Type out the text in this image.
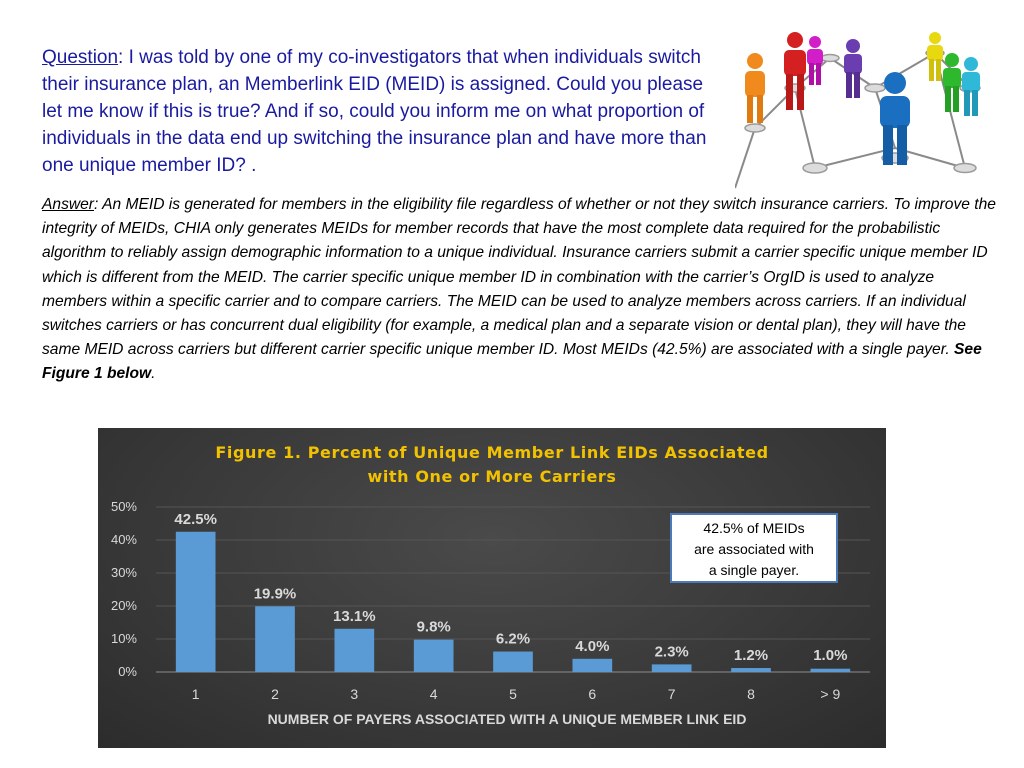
Question: I was told by one of my co-investigators that when individuals switch their insurance plan, an Memberlink EID (MEID) is assigned. Could you please let me know if this is true? And if so, could you inform me on what proportion of individuals in the data end up switching the insurance plan and have more than one unique member ID? .

Answer: An MEID is generated for members in the eligibility file regardless of whether or not they switch insurance carriers. To improve the integrity of MEIDs, CHIA only generates MEIDs for member records that have the most complete data required for the probabilistic algorithm to reliably assign demographic information to a unique individual. Insurance carriers submit a carrier specific unique member ID which is different from the MEID. The carrier specific unique member ID in combination with the carrier’s OrgID is used to analyze members within a specific carrier and to compare carriers. The MEID can be used to analyze members across carriers. If an individual switches carriers or has concurrent dual eligibility (for example, a medical plan and a separate vision or dental plan), they will have the same MEID across carriers but different carrier specific unique member ID. Most MEIDs (42.5%) are associated with a single payer. See Figure 1 below.

Figure 1. Percent of Unique Member Link EIDs Associated
with One or More Carriers
0%
10%
20%
30%
40%
50%
42.5%
19.9%
13.1%
9.8%
6.2%	4.0%	2.3%	1.2%	1.0%
1	2	3	4	5	6	7	8	> 9
NUMBER OF PAYERS ASSOCIATED WITH A UNIQUE MEMBER LINK EID
42.5% of MEIDs
are associated with
a single payer.
